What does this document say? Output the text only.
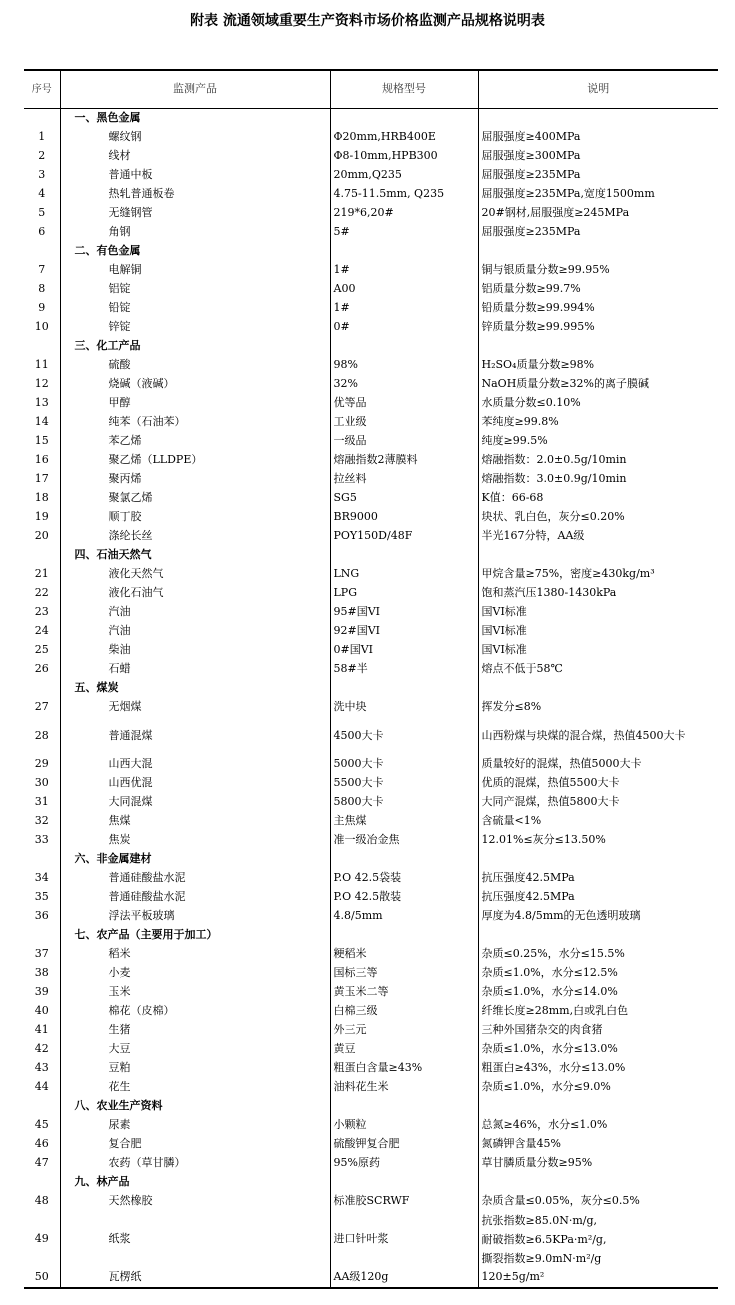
附表 流通领域重要生产资料市场价格监测产品规格说明表
序号	监测产品	规格型号	说明
	一、黑色金属		
1	螺纹钢	Φ20mm,HRB400E	屈服强度≥400MPa
2	线材	Φ8-10mm,HPB300	屈服强度≥300MPa
3	普通中板	20mm,Q235	屈服强度≥235MPa
4	热轧普通板卷	4.75-11.5mm, Q235	屈服强度≥235MPa,宽度1500mm
5	无缝钢管	219*6,20#	20#钢材,屈服强度≥245MPa
6	角钢	5#	屈服强度≥235MPa
	二、有色金属		
7	电解铜	1#	铜与银质量分数≥99.95%
8	铝锭	A00	铝质量分数≥99.7%
9	铅锭	1#	铅质量分数≥99.994%
10	锌锭	0#	锌质量分数≥99.995%
	三、化工产品		
11	硫酸	98%	H₂SO₄质量分数≥98%
12	烧碱（液碱）	32%	NaOH质量分数≥32%的离子膜碱
13	甲醇	优等品	水质量分数≤0.10%
14	纯苯（石油苯）	工业级	苯纯度≥99.8%
15	苯乙烯	一级品	纯度≥99.5%
16	聚乙烯（LLDPE）	熔融指数2薄膜料	熔融指数：2.0±0.5g/10min
17	聚丙烯	拉丝料	熔融指数：3.0±0.9g/10min
18	聚氯乙烯	SG5	K值：66-68
19	顺丁胶	BR9000	块状、乳白色，灰分≤0.20%
20	涤纶长丝	POY150D/48F	半光167分特，AA级
	四、石油天然气		
21	液化天然气	LNG	甲烷含量≥75%，密度≥430kg/m³
22	液化石油气	LPG	饱和蒸汽压1380-1430kPa
23	汽油	95#国VI	国VI标准
24	汽油	92#国VI	国VI标准
25	柴油	0#国VI	国VI标准
26	石蜡	58#半	熔点不低于58℃
	五、煤炭		
27	无烟煤	洗中块	挥发分≤8%
28	普通混煤	4500大卡	山西粉煤与块煤的混合煤，热值4500大卡
29	山西大混	5000大卡	质量较好的混煤，热值5000大卡
30	山西优混	5500大卡	优质的混煤，热值5500大卡
31	大同混煤	5800大卡	大同产混煤，热值5800大卡
32	焦煤	主焦煤	含硫量<1%
33	焦炭	准一级冶金焦	12.01%≤灰分≤13.50%
	六、非金属建材		
34	普通硅酸盐水泥	P.O 42.5袋装	抗压强度42.5MPa
35	普通硅酸盐水泥	P.O 42.5散装	抗压强度42.5MPa
36	浮法平板玻璃	4.8/5mm	厚度为4.8/5mm的无色透明玻璃
	七、农产品（主要用于加工）		
37	稻米	粳稻米	杂质≤0.25%，水分≤15.5%
38	小麦	国标三等	杂质≤1.0%，水分≤12.5%
39	玉米	黄玉米二等	杂质≤1.0%，水分≤14.0%
40	棉花（皮棉）	白棉三级	纤维长度≥28mm,白或乳白色
41	生猪	外三元	三种外国猪杂交的肉食猪
42	大豆	黄豆	杂质≤1.0%，水分≤13.0%
43	豆粕	粗蛋白含量≥43%	粗蛋白≥43%，水分≤13.0%
44	花生	油料花生米	杂质≤1.0%，水分≤9.0%
	八、农业生产资料		
45	尿素	小颗粒	总氮≥46%，水分≤1.0%
46	复合肥	硫酸钾复合肥	氮磷钾含量45%
47	农药（草甘膦）	95%原药	草甘膦质量分数≥95%
	九、林产品		
48	天然橡胶	标准胶SCRWF	杂质含量≤0.05%，灰分≤0.5%
49	纸浆	进口针叶浆	抗张指数≥85.0N·m/g,
耐破指数≥6.5KPa·m²/g,
撕裂指数≥9.0mN·m²/g

50	瓦楞纸	AA级120g	120±5g/m²
